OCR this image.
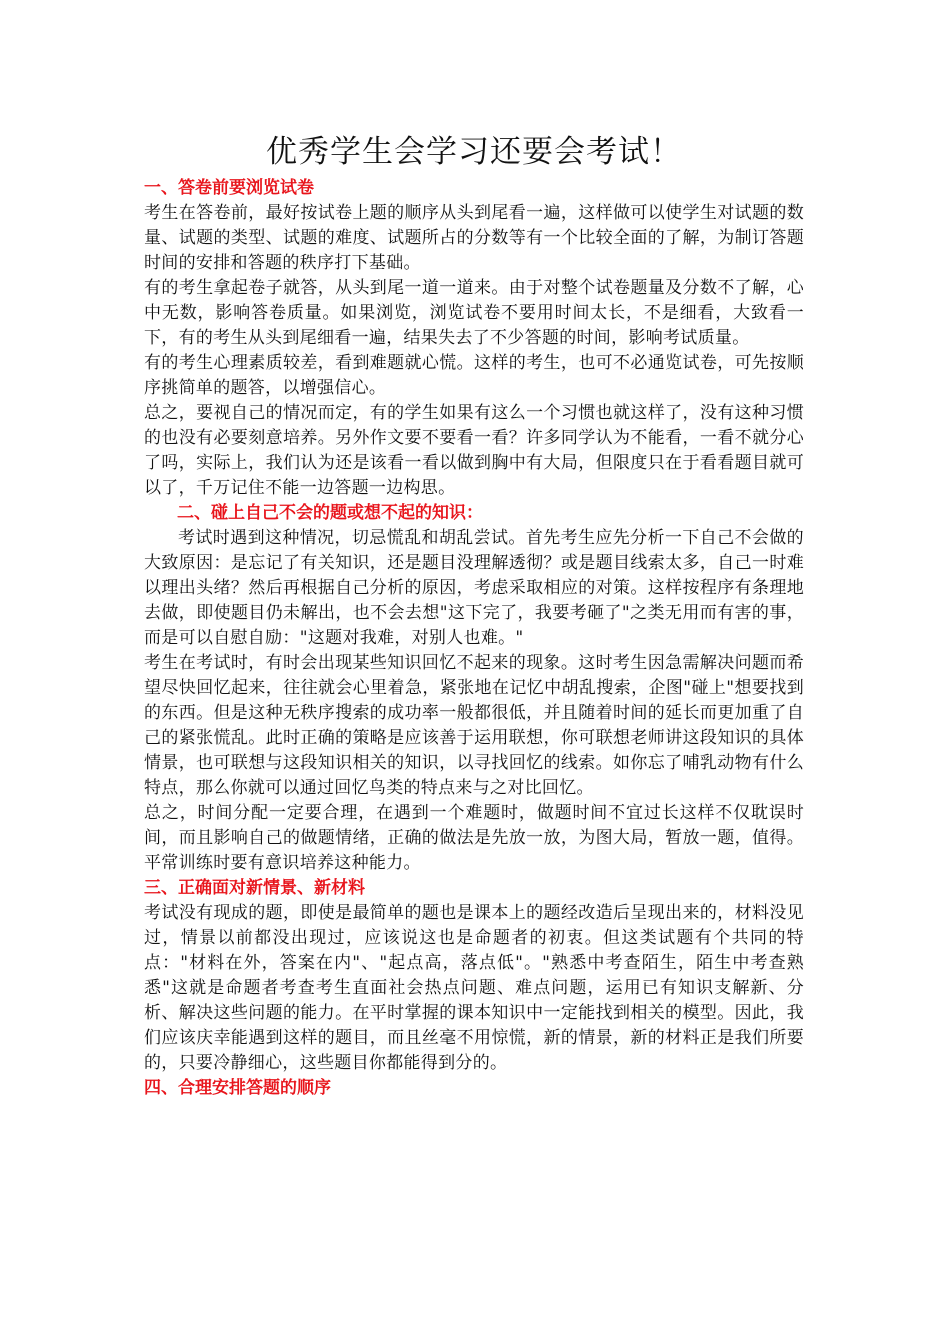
优秀学生会学习还要会考试！
一、答卷前要浏览试卷

考生在答卷前，最好按试卷上题的顺序从头到尾看一遍，这样做可以使学生对试题的数量、试题的类型、试题的难度、试题所占的分数等有一个比较全面的了解，为制订答题时间的安排和答题的秩序打下基础。

有的考生拿起卷子就答，从头到尾一道一道来。由于对整个试卷题量及分数不了解，心中无数，影响答卷质量。如果浏览，浏览试卷不要用时间太长，不是细看，大致看一下，有的考生从头到尾细看一遍，结果失去了不少答题的时间，影响考试质量。

有的考生心理素质较差，看到难题就心慌。这样的考生，也可不必通览试卷，可先按顺序挑简单的题答，以增强信心。

总之，要视自己的情况而定，有的学生如果有这么一个习惯也就这样了，没有这种习惯的也没有必要刻意培养。另外作文要不要看一看？许多同学认为不能看，一看不就分心了吗，实际上，我们认为还是该看一看以做到胸中有大局，但限度只在于看看题目就可以了，千万记住不能一边答题一边构思。

二、碰上自己不会的题或想不起的知识：

考试时遇到这种情况，切忌慌乱和胡乱尝试。首先考生应先分析一下自己不会做的大致原因：是忘记了有关知识，还是题目没理解透彻？或是题目线索太多，自己一时难以理出头绪？然后再根据自己分析的原因，考虑采取相应的对策。这样按程序有条理地去做，即使题目仍未解出，也不会去想"这下完了，我要考砸了"之类无用而有害的事，而是可以自慰自励："这题对我难，对别人也难。"

考生在考试时，有时会出现某些知识回忆不起来的现象。这时考生因急需解决问题而希望尽快回忆起来，往往就会心里着急，紧张地在记忆中胡乱搜索，企图"碰上"想要找到的东西。但是这种无秩序搜索的成功率一般都很低，并且随着时间的延长而更加重了自己的紧张慌乱。此时正确的策略是应该善于运用联想，你可联想老师讲这段知识的具体情景，也可联想与这段知识相关的知识，以寻找回忆的线索。如你忘了哺乳动物有什么特点，那么你就可以通过回忆鸟类的特点来与之对比回忆。

总之，时间分配一定要合理，在遇到一个难题时，做题时间不宜过长这样不仅耽误时间，而且影响自己的做题情绪，正确的做法是先放一放，为图大局，暂放一题，值得。平常训练时要有意识培养这种能力。

三、正确面对新情景、新材料

考试没有现成的题，即使是最简单的题也是课本上的题经改造后呈现出来的，材料没见过，情景以前都没出现过，应该说这也是命题者的初衷。但这类试题有个共同的特点："材料在外，答案在内"、"起点高，落点低"。"熟悉中考查陌生，陌生中考查熟悉"这就是命题者考查考生直面社会热点问题、难点问题，运用已有知识支解新、分析、解决这些问题的能力。在平时掌握的课本知识中一定能找到相关的模型。因此，我们应该庆幸能遇到这样的题目，而且丝毫不用惊慌，新的情景，新的材料正是我们所要的，只要冷静细心，这些题目你都能得到分的。

四、合理安排答题的顺序
